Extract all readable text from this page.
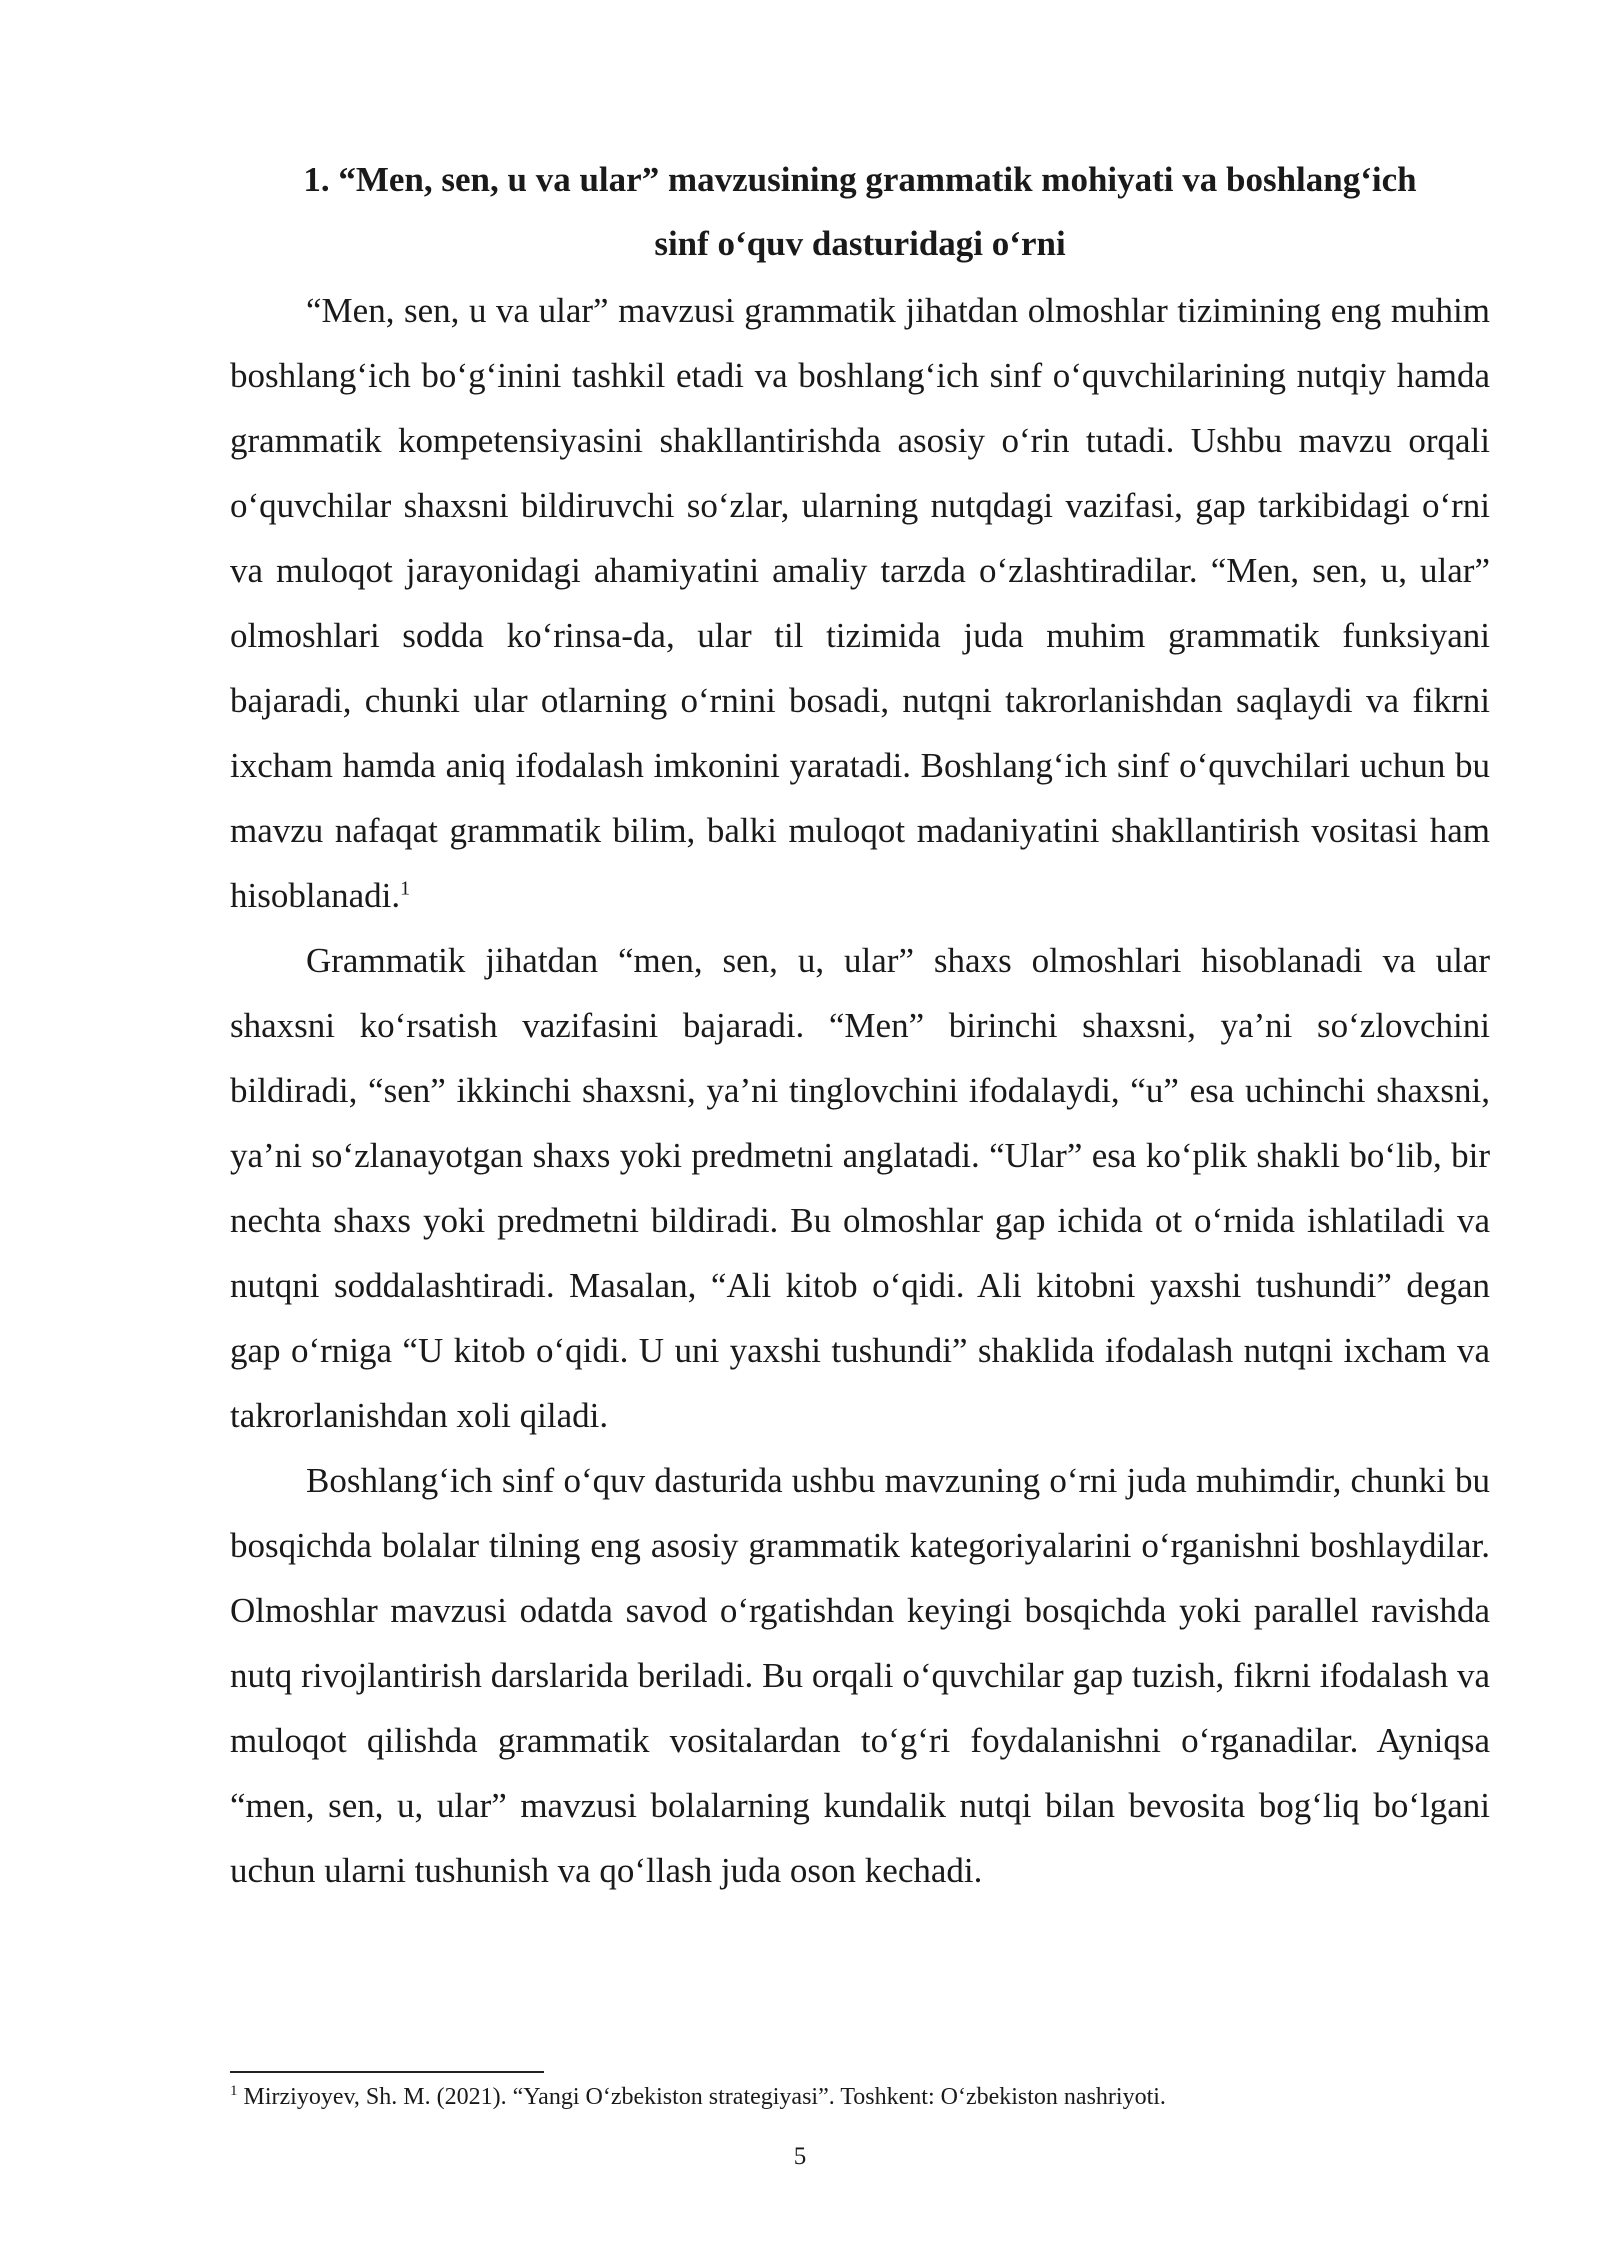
1. “Men, sen, u va ular” mavzusining grammatik mohiyati va boshlang‘ich
sinf o‘quv dasturidagi o‘rni

“Men, sen, u va ular” mavzusi grammatik jihatdan olmoshlar tizimining eng muhim boshlang‘ich bo‘g‘inini tashkil etadi va boshlang‘ich sinf o‘quvchilarining nutqiy hamda grammatik kompetensiyasini shakllantirishda asosiy o‘rin tutadi. Ushbu mavzu orqali o‘quvchilar shaxsni bildiruvchi so‘zlar, ularning nutqdagi vazifasi, gap tarkibidagi o‘rni va muloqot jarayonidagi ahamiyatini amaliy tarzda o‘zlashtiradilar. “Men, sen, u, ular” olmoshlari sodda ko‘rinsa-da, ular til tizimida juda muhim grammatik funksiyani bajaradi, chunki ular otlarning o‘rnini bosadi, nutqni takrorlanishdan saqlaydi va fikrni ixcham hamda aniq ifodalash imkonini yaratadi. Boshlang‘ich sinf o‘quvchilari uchun bu mavzu nafaqat grammatik bilim, balki muloqot madaniyatini shakllantirish vositasi ham hisoblanadi.$^1$

Grammatik jihatdan “men, sen, u, ular” shaxs olmoshlari hisoblanadi va ular shaxsni ko‘rsatish vazifasini bajaradi. “Men” birinchi shaxsni, ya’ni so‘zlovchini bildiradi, “sen” ikkinchi shaxsni, ya’ni tinglovchini ifodalaydi, “u” esa uchinchi shaxsni, ya’ni so‘zlanayotgan shaxs yoki predmetni anglatadi. “Ular” esa ko‘plik shakli bo‘lib, bir nechta shaxs yoki predmetni bildiradi. Bu olmoshlar gap ichida ot o‘rnida ishlatiladi va nutqni soddalashtiradi. Masalan, “Ali kitob o‘qidi. Ali kitobni yaxshi tushundi” degan gap o‘rniga “U kitob o‘qidi. U uni yaxshi tushundi” shaklida ifodalash nutqni ixcham va takrorlanishdan xoli qiladi.

Boshlang‘ich sinf o‘quv dasturida ushbu mavzuning o‘rni juda muhimdir, chunki bu bosqichda bolalar tilning eng asosiy grammatik kategoriyalarini o‘rganishni boshlaydilar. Olmoshlar mavzusi odatda savod o‘rgatishdan keyingi bosqichda yoki parallel ravishda nutq rivojlantirish darslarida beriladi. Bu orqali o‘quvchilar gap tuzish, fikrni ifodalash va muloqot qilishda grammatik vositalardan to‘g‘ri foydalanishni o‘rganadilar. Ayniqsa “men, sen, u, ular” mavzusi bolalarning kundalik nutqi bilan bevosita bog‘liq bo‘lgani uchun ularni tushunish va qo‘llash juda oson kechadi.

$^1$ Mirziyoyev, Sh. M. (2021). “Yangi O‘zbekiston strategiyasi”. Toshkent: O‘zbekiston nashriyoti.

5
